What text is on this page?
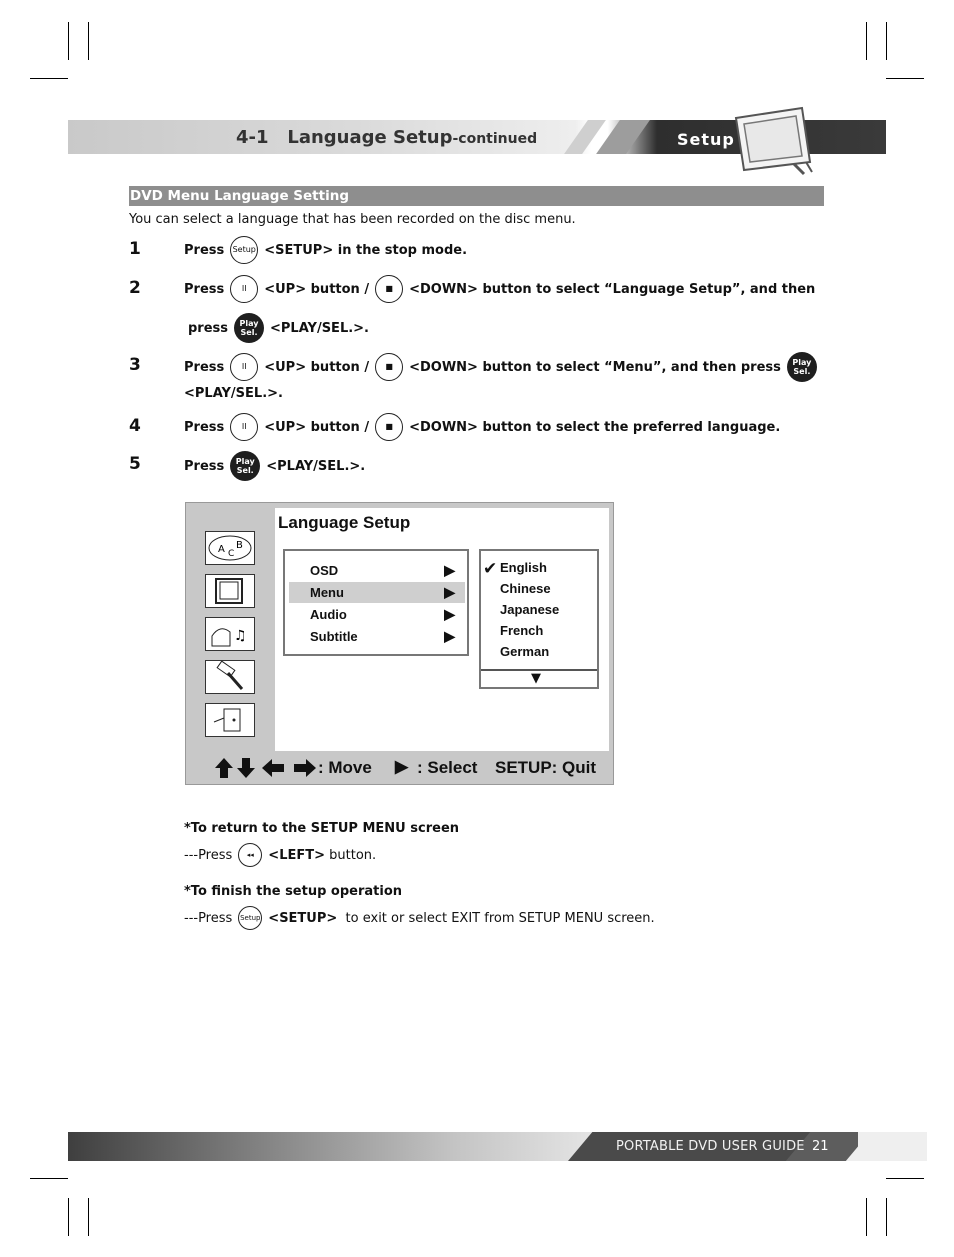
4-1 Language Setup-continued	Setup
DVD Menu Language Setting
You can select a language that has been recorded on the disc menu.
1	Press Setup <SETUP> in the stop mode.
2	Press	II	<UP> button /	■	<DOWN> button to select “Language Setup”, and then
press	Play
Sel. <PLAY/SEL.>.
3	Press	II	<UP> button /	■	<DOWN> button to select “Menu”, and then press	Play
Sel.
<PLAY/SEL.>.
4	Press	II	<UP> button /	■	<DOWN> button to select the preferred language.
5	Press	Play
Sel. <PLAY/SEL.>.
A C
B
♫
Language Setup
OSD	▶
Menu	▶
Audio	▶
Subtitle	▶
✔ English
Chinese
Japanese
French
German
▼
: Move ▶ : Select SETUP: Quit
*To return to the SETUP MENU screen
---Press	◂◂	<LEFT>
button.
*To finish the setup operation
---Press Setup <SETUP>
to exit or select EXIT from SETUP MENU screen.
PORTABLE DVD USER GUIDE 21
